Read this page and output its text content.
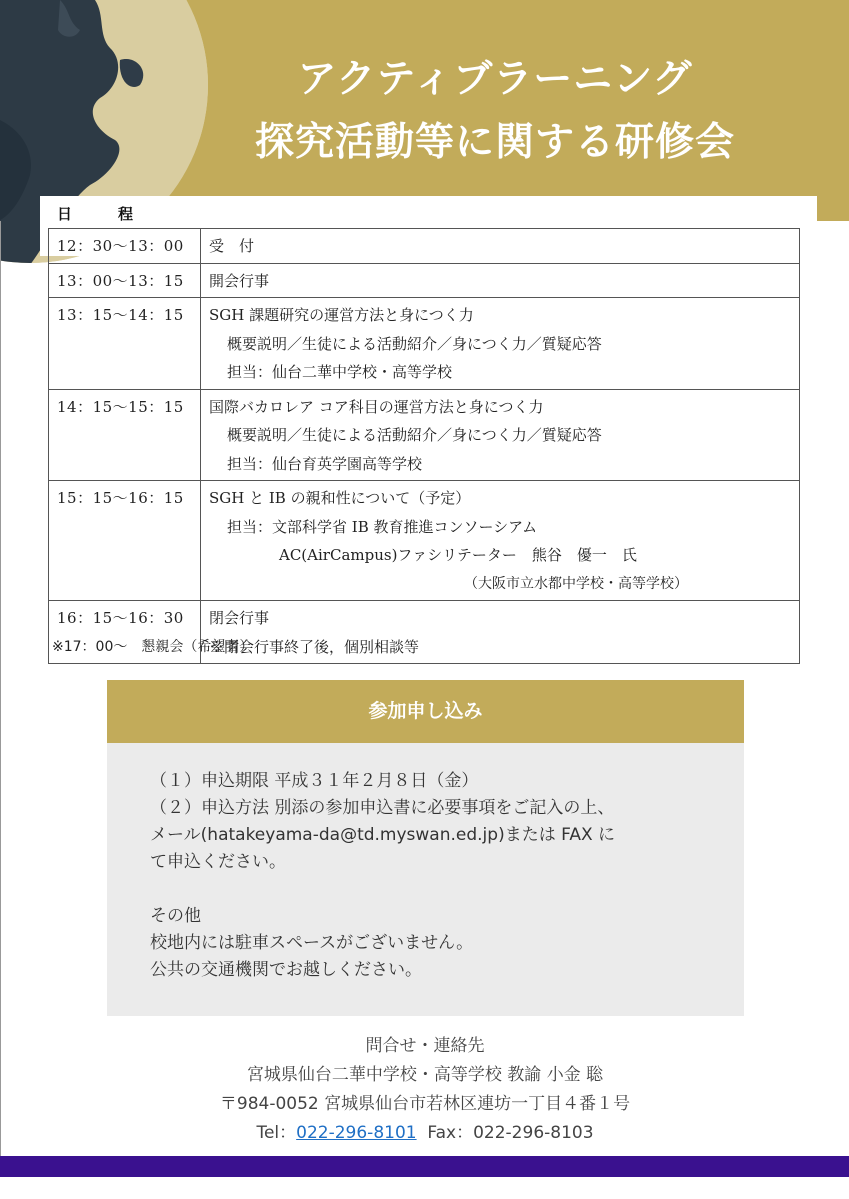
アクティブラーニング
探究活動等に関する研修会
日	程
12：30〜13：00	受　付

13：00〜13：15	開会行事

13：15〜14：15	SGH 課題研究の運営方法と身につく力
概要説明／生徒による活動紹介／身につく力／質疑応答
担当：仙台二華中学校・高等学校

14：15〜15：15	国際バカロレア コア科目の運営方法と身につく力
概要説明／生徒による活動紹介／身につく力／質疑応答
担当：仙台育英学園高等学校

15：15〜16：15	SGH と IB の親和性について（予定）
担当：文部科学省 IB 教育推進コンソーシアム
AC(AirCampus)ファシリテーター　熊谷　優一　氏
（大阪市立水都中学校・高等学校）

16：15〜16：30	閉会行事
※閉会行事終了後，個別相談等
※17：00〜　懇親会（希望者）
参加申し込み
（１）申込期限 平成３１年２月８日（金）
（２）申込方法 別添の参加申込書に必要事項をご記入の上、
メール(hatakeyama-da@td.myswan.ed.jp)または FAX に
て申込ください。
その他
校地内には駐車スペースがございません。
公共の交通機関でお越しください。
問合せ・連絡先
宮城県仙台二華中学校・高等学校 教諭 小金 聡
〒984-0052 宮城県仙台市若林区連坊一丁目４番１号
Tel：022-296-8101 Fax：022-296-8103
